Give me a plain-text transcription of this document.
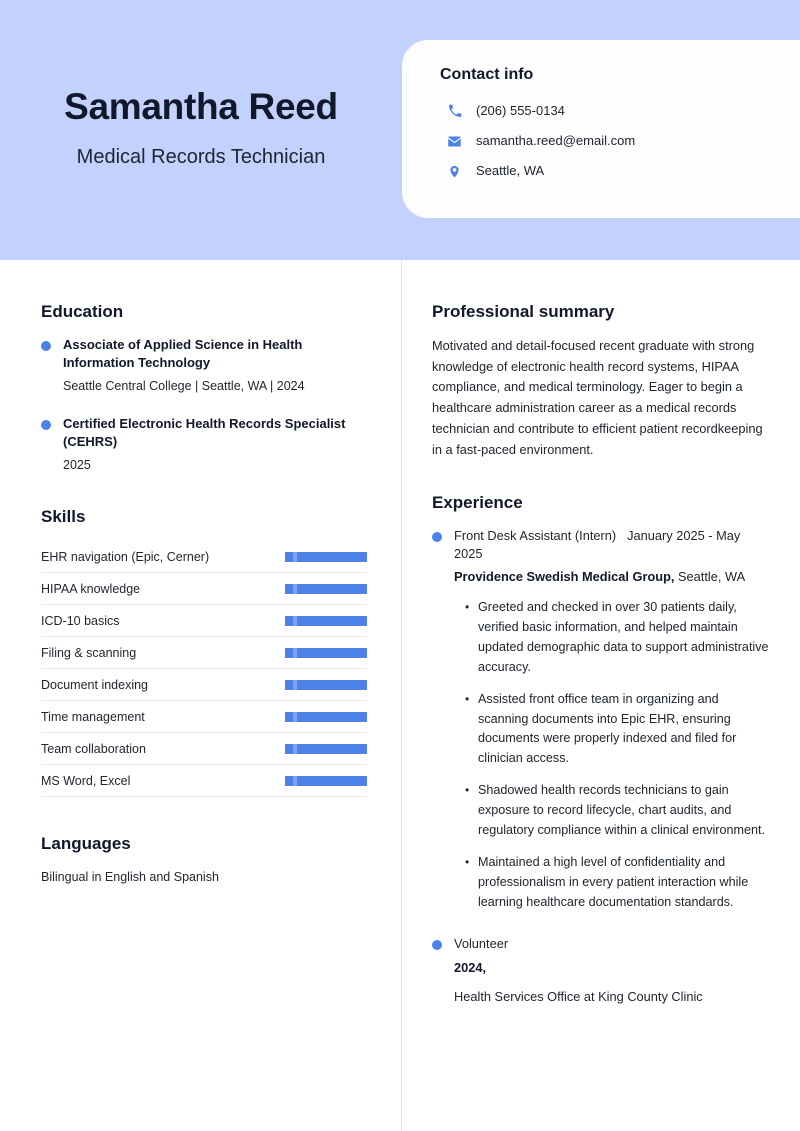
Samantha Reed
Medical Records Technician
Contact info
(206) 555-0134
samantha.reed@email.com
Seattle, WA
Education
Associate of Applied Science in Health Information Technology
Seattle Central College | Seattle, WA | 2024
Certified Electronic Health Records Specialist (CEHRS)
2025
Skills
EHR navigation (Epic, Cerner)
HIPAA knowledge
ICD-10 basics
Filing & scanning
Document indexing
Time management
Team collaboration
MS Word, Excel
Languages
Bilingual in English and Spanish
Professional summary

Motivated and detail-focused recent graduate with strong knowledge of electronic health record systems, HIPAA compliance, and medical terminology. Eager to begin a healthcare administration career as a medical records technician and contribute to efficient patient recordkeeping in a fast-paced environment.

Experience
Front Desk Assistant (Intern) January 2025 - May 2025
Providence Swedish Medical Group, Seattle, WA
• Greeted and checked in over 30 patients daily, verified basic information, and helped maintain updated demographic data to support administrative accuracy.
• Assisted front office team in organizing and scanning documents into Epic EHR, ensuring documents were properly indexed and filed for clinician access.
• Shadowed health records technicians to gain exposure to record lifecycle, chart audits, and regulatory compliance within a clinical environment.
• Maintained a high level of confidentiality and professionalism in every patient interaction while learning healthcare documentation standards.
Volunteer
2024,
Health Services Office at King County Clinic
